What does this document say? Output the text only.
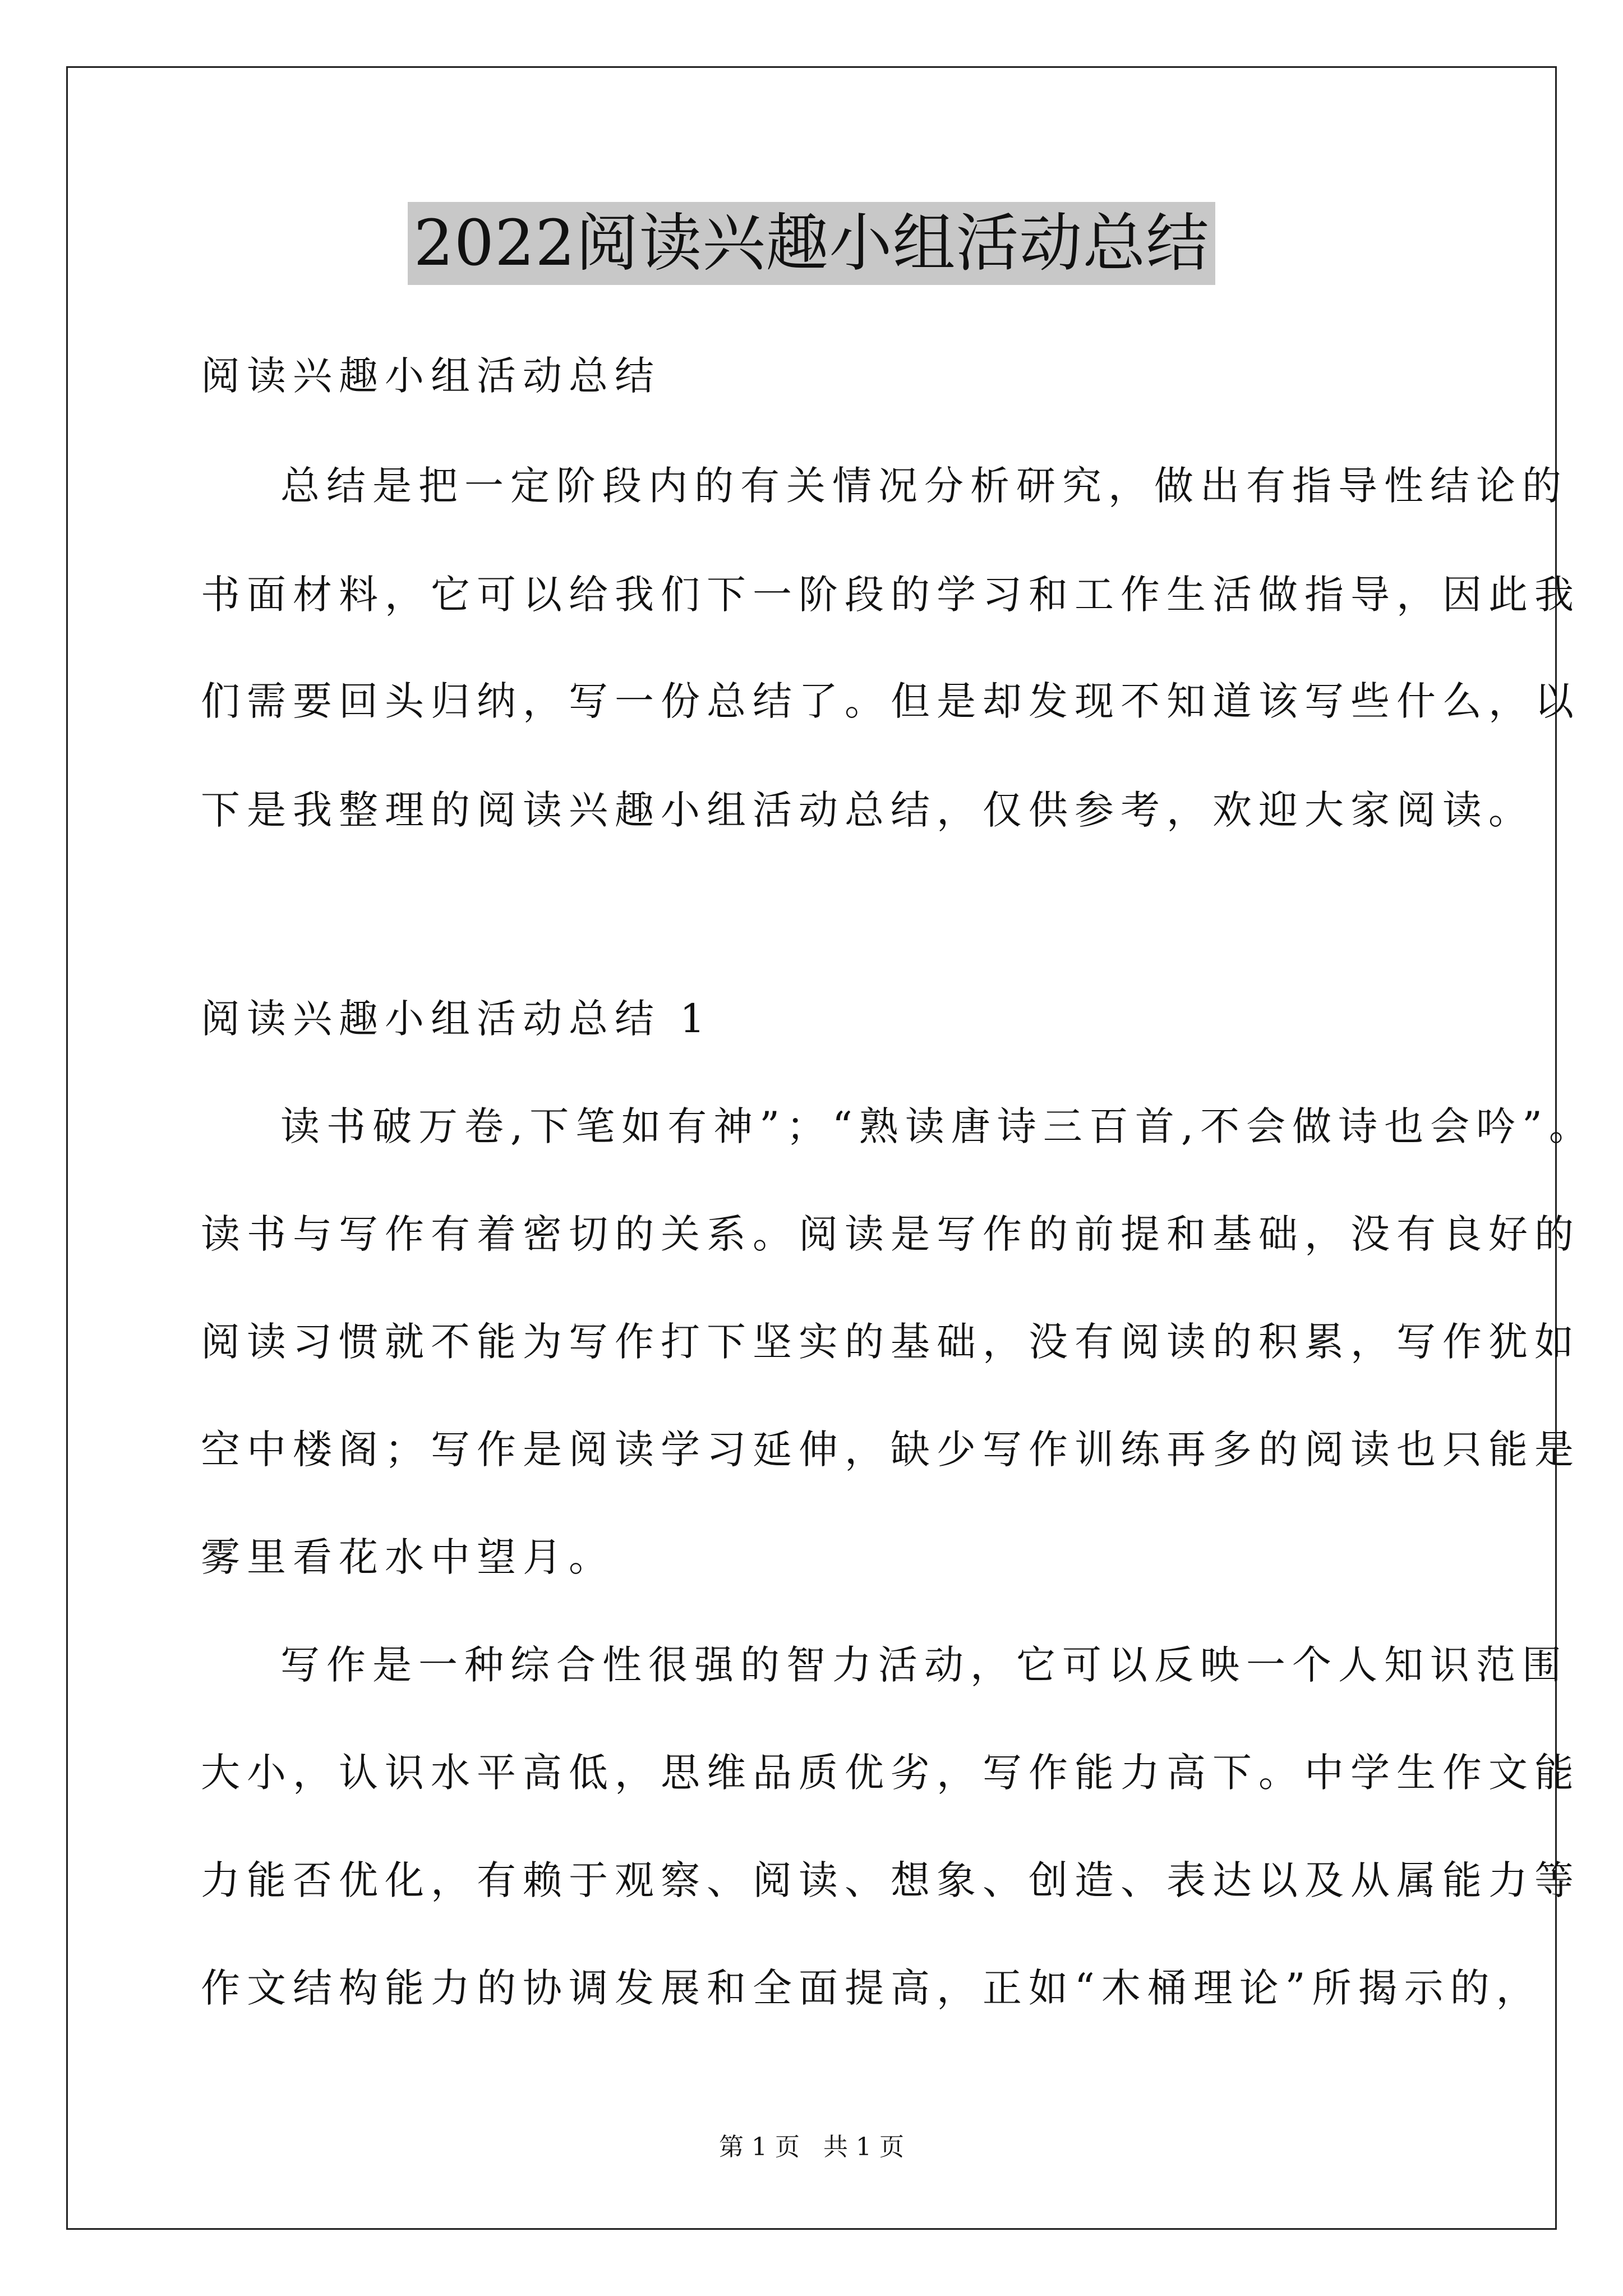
2022阅读兴趣小组活动总结
阅读兴趣小组活动总结
总结是把一定阶段内的有关情况分析研究，做出有指导性结论的
书面材料，它可以给我们下一阶段的学习和工作生活做指导，因此我
们需要回头归纳，写一份总结了。但是却发现不知道该写些什么，以
下是我整理的阅读兴趣小组活动总结，仅供参考，欢迎大家阅读。
阅读兴趣小组活动总结 1
读书破万卷,下笔如有神”；“熟读唐诗三百首,不会做诗也会吟”。
读书与写作有着密切的关系。阅读是写作的前提和基础，没有良好的
阅读习惯就不能为写作打下坚实的基础，没有阅读的积累，写作犹如
空中楼阁；写作是阅读学习延伸，缺少写作训练再多的阅读也只能是
雾里看花水中望月。
写作是一种综合性很强的智力活动，它可以反映一个人知识范围
大小，认识水平高低，思维品质优劣，写作能力高下。中学生作文能
力能否优化，有赖于观察、阅读、想象、创造、表达以及从属能力等
作文结构能力的协调发展和全面提高，正如“木桶理论”所揭示的，
第 1 页   共 1 页
